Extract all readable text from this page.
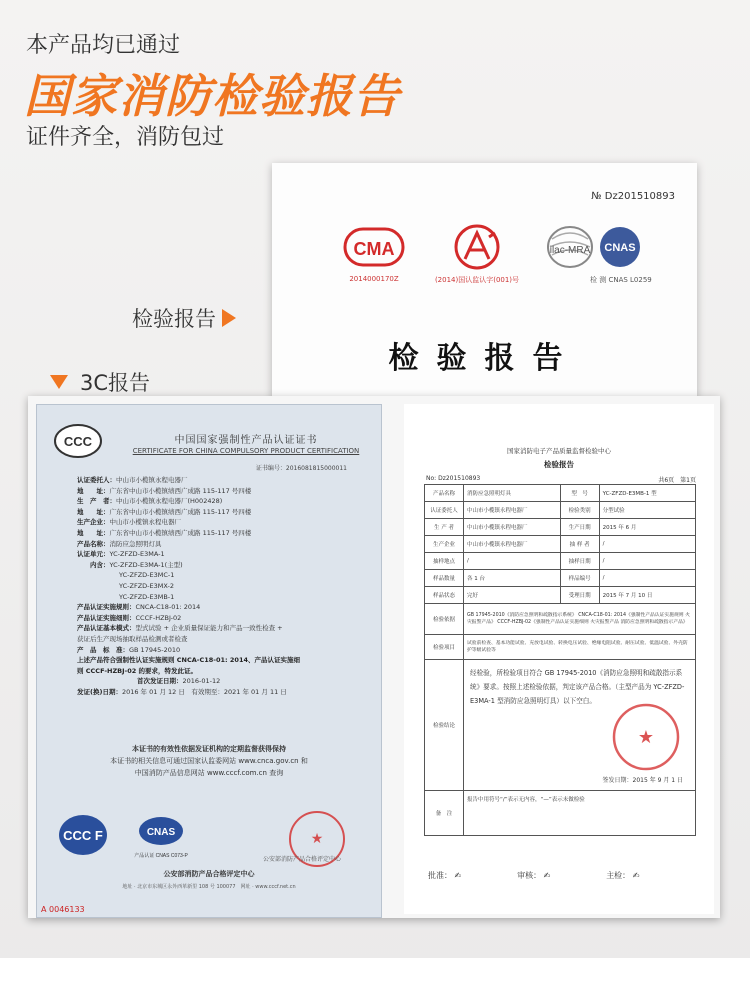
本产品均已通过
国家消防检验报告
证件齐全，消防包过
检验报告
3C报告
№ Dz201510893
CMA
2014000170Z	(2014)国认监认字(001)号
ilac-MRA CNAS
检 测 CNAS L0259
检验报告
CCC	中国国家强制性产品认证证书
CERTIFICATE FOR CHINA COMPULSORY PRODUCT CERTIFICATION
证书编号：2016081815000011
认证委托人：中山市小榄镇永程电器厂
地　　址：广东省中山市小榄镇绩西广成路 115-117 号四楼
生　产　者：中山市小榄镇永程电器厂(H002428)
地　　址：广东省中山市小榄镇绩西广成路 115-117 号四楼
生产企业：中山市小榄镇永程电器厂
地　　址：广东省中山市小榄镇绩西广成路 115-117 号四楼
产品名称：消防应急照明灯具
认证单元：YC-ZFZD-E3MA-1
　　内含：YC-ZFZD-E3MA-1(主型)
YC-ZFZD-E3MC-1
YC-ZFZD-E3MX-2
YC-ZFZD-E3MB-1
产品认证实施规则：CNCA-C18-01: 2014
产品认证实施细则：CCCF-HZBJ-02
产品认证基本模式：型式试验 + 企业质量保证能力和产品一致性检查 +
获证后生产现场抽取样品检测或者检查
产　品　标　准：GB 17945-2010
上述产品符合强制性认证实施规则 CNCA-C18-01: 2014、产品认证实施细
则 CCCF-HZBJ-02 的要求，特发此证。
首次发证日期：2016-01-12
发证(换)日期：2016 年 01 月 12 日　有效期至：2021 年 01 月 11 日
本证书的有效性依据发证机构的定期监督获得保持
本证书的相关信息可通过国家认监委网站 www.cnca.gov.cn 和
中国消防产品信息网站 www.cccf.com.cn 查询
CCC F	CNAS
产品认证 CNAS C073-P
★
公安部消防产品合格评定中心
公安部消防产品合格评定中心
地址 · 北京市东城区永外西革新里 108 号 100077　网址 · www.cccf.net.cn
A 0046133
国家消防电子产品质量监督检验中心
检验报告
No: Dz201510893	共6页　第1页
产品名称	消防应急照明灯具	型　号	YC-ZFZD-E3MB-1 型
认证委托人	中山市小榄镇永程电器厂	检验类别	分型试验
生 产 者	中山市小榄镇永程电器厂	生产日期	2015 年 6 月
生产企业	中山市小榄镇永程电器厂	抽 样 者	/
抽样地点	/	抽样日期	/
样品数量	各 1 台	样品编号	/
样品状态	完好	受理日期	2015 年 7 月 10 日
检验依据	GB 17945-2010《消防应急照明和疏散指示系统》 CNCA-C18-01: 2014《强制性产品认证实施规则 火灾报警产品》 CCCF-HZBJ-02《强制性产品认证实施细则 火灾报警产品 消防应急照明和疏散指示产品》		
检验项目	试验前检查、基本功能试验、充放电试验、转换电压试验、绝缘电阻试验、耐压试验、低温试验、外壳防护等级试验等		
检验结论	经检验，所检验项目符合 GB 17945-2010《消防应急照明和疏散指示系统》要求。按照上述检验依据，判定该产品合格。（主型产品为 YC-ZFZD-E3MA-1 型消防应急照明灯具）以下空白。
★
签发日期：2015 年 9 月 1 日		

备　注	报告中用符号“/”表示无内容，“—”表示未做检验		
批准： ✍	审核： ✍	主检： ✍
